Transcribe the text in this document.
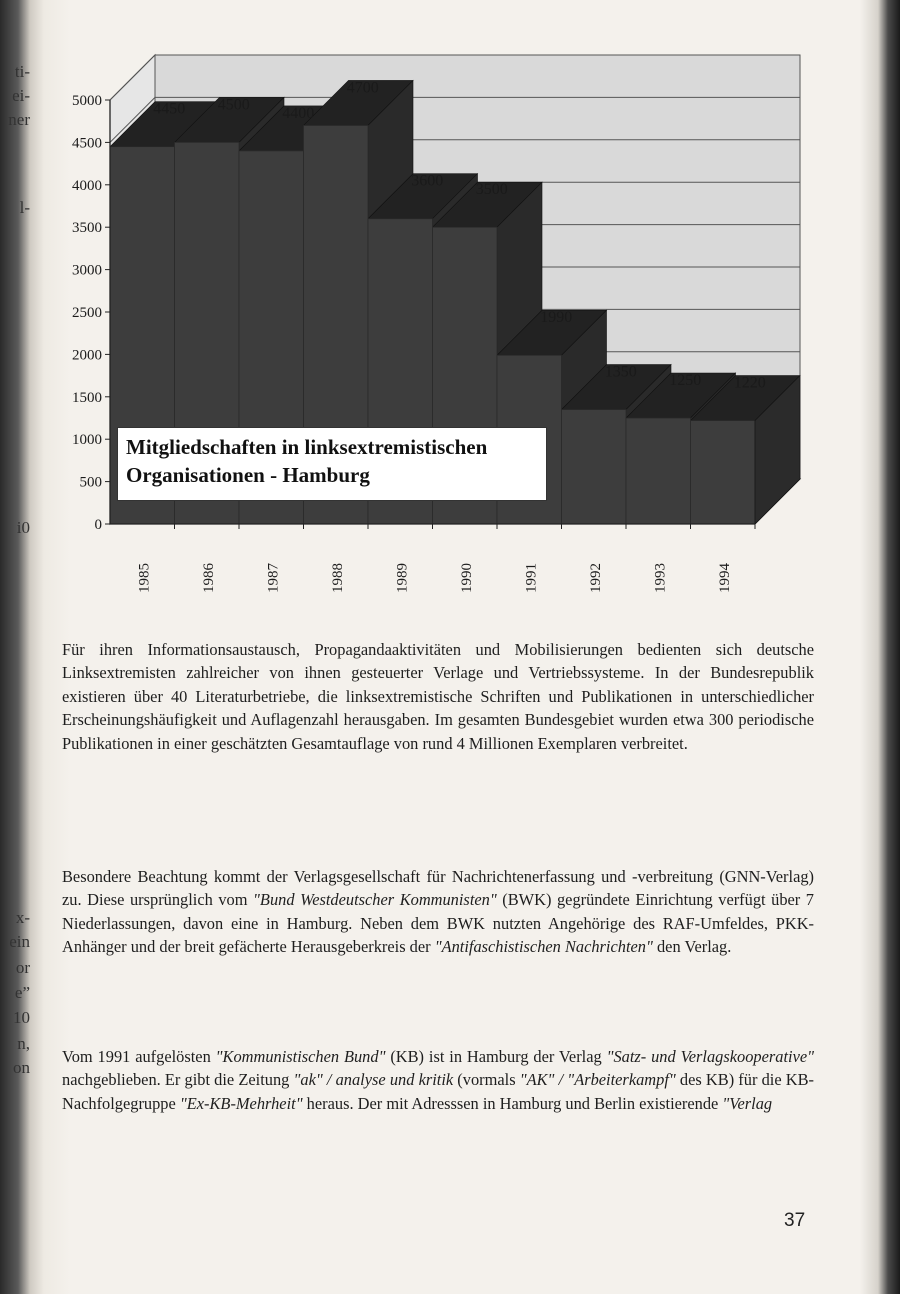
ti-
ei-
ner
l-
i0
x-
ein
or
e”
10
n,
on
0
500
1000
1500
2000
2500
3000
3500
4000
4500
5000
1985	1986	1987	1988	1989	1990	1991	1992	1993	1994
4450 4500 4400
4700
3600 3500
1990
1350 1250 1220
Mitgliedschaften in linksextremistischen
Organisationen - Hamburg

Für ihren Informationsaustausch, Propagandaaktivitäten und Mobilisierungen bedienten sich deutsche Linksextremisten zahlreicher von ihnen gesteuerter Verlage und Vertriebssysteme. In der Bundesrepublik existieren über 40 Literaturbetriebe, die linksextremistische Schriften und Publikationen in unterschiedlicher Erscheinungshäufigkeit und Auflagenzahl herausgaben. Im gesamten Bundesgebiet wurden etwa 300 periodische Publikationen in einer geschätzten Gesamtauflage von rund 4 Millionen Exemplaren verbreitet.

Besondere Beachtung kommt der Verlagsgesellschaft für Nachrichtenerfassung und -verbreitung (GNN-Verlag) zu. Diese ursprünglich vom "Bund Westdeutscher Kommunisten" (BWK) gegründete Einrichtung verfügt über 7 Niederlassungen, davon eine in Hamburg. Neben dem BWK nutzten Angehörige des RAF-Umfeldes, PKK-Anhänger und der breit gefächerte Herausgeberkreis der "Antifaschistischen Nachrichten" den Verlag.

Vom 1991 aufgelösten "Kommunistischen Bund" (KB) ist in Hamburg der Verlag "Satz- und Verlagskooperative" nachgeblieben. Er gibt die Zeitung "ak" / analyse und kritik (vormals "AK" / "Arbeiterkampf" des KB) für die KB-Nachfolgegruppe "Ex-KB-Mehrheit" heraus. Der mit Adresssen in Hamburg und Berlin existierende "Verlag

37
